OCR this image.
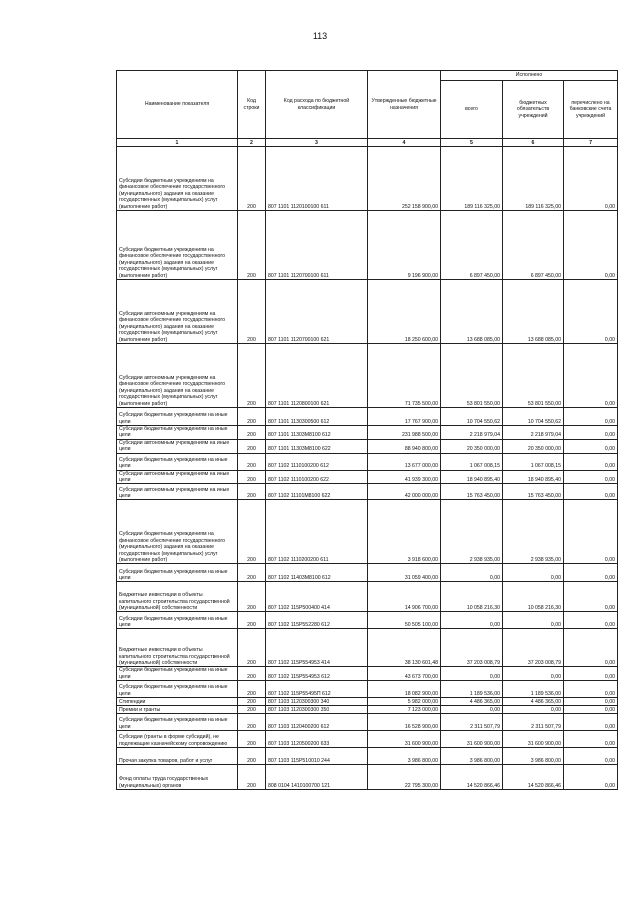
113
Наименование показателя	Код строки	Код расхода по бюджетной классификации	Утвержденные бюджетные назначения	Исполнено		
				всего	бюджетных обязательств учреждений	перечислено на банковские счета учреждений
1	2	3	4	5	6	7
Субсидии бюджетным учреждениям на финансовое обеспечение государственного (муниципального) задания на оказание государственных (муниципальных) услуг (выполнение работ)	200	807 1101 1120100100 611	252 158 900,00	189 116 325,00	189 116 325,00	0,00
Субсидии бюджетным учреждениям на финансовое обеспечение государственного (муниципального) задания на оказание государственных (муниципальных) услуг (выполнение работ)	200	807 1101 1120700100 611	9 196 900,00	6 897 450,00	6 897 450,00	0,00
Субсидии автономным учреждениям на финансовое обеспечение государственного (муниципального) задания на оказание государственных (муниципальных) услуг (выполнение работ)	200	807 1101 1120700100 621	18 250 600,00	13 688 085,00	13 688 085,00	0,00
Субсидии автономным учреждениям на финансовое обеспечение государственного (муниципального) задания на оказание государственных (муниципальных) услуг (выполнение работ)	200	807 1101 1120800100 621	71 735 500,00	53 801 550,00	53 801 550,00	0,00
Субсидии бюджетным учреждениям на иные цели	200	807 1101 1130300500 612	17 767 900,00	10 704 550,62	10 704 550,62	0,00
Субсидии бюджетным учреждениям на иные цели	200	807 1101 11303M8100 612	231 988 500,00	2 218 979,04	2 218 979,04	0,00
Субсидии автономным учреждениям на иные цели	200	807 1101 11303M8100 622	88 940 800,00	20 350 000,00	20 350 000,00	0,00
Субсидии бюджетным учреждениям на иные цели	200	807 1102 1110100200 612	13 677 000,00	1 067 008,15	1 067 008,15	0,00
Субсидии автономным учреждениям на иные цели	200	807 1102 1110100200 622	41 939 300,00	18 940 895,40	18 940 895,40	0,00
Субсидии автономным учреждениям на иные цели	200	807 1102 11101M8100 622	42 000 000,00	15 763 450,00	15 763 450,00	0,00
Субсидии бюджетным учреждениям на финансовое обеспечение государственного (муниципального) задания на оказание государственных (муниципальных) услуг (выполнение работ)	200	807 1102 1110200200 611	3 918 600,00	2 938 935,00	2 938 935,00	0,00
Субсидии бюджетным учреждениям на иные цели	200	807 1102 11403M8100 612	31 059 400,00	0,00	0,00	0,00
Бюджетные инвестиции в объекты капитального строительства государственной (муниципальной) собственности	200	807 1102 115P500400 414	14 906 700,00	10 058 216,30	10 058 216,30	0,00
Субсидии бюджетным учреждениям на иные цели	200	807 1102 115P552280 612	50 505 100,00	0,00	0,00	0,00
Бюджетные инвестиции в объекты капитального строительства государственной (муниципальной) собственности	200	807 1102 115P554953 414	38 130 601,48	37 203 008,79	37 203 008,79	0,00
Субсидии бюджетным учреждениям на иные цели	200	807 1102 115P554953 612	43 673 700,00	0,00	0,00	0,00
Субсидии бюджетным учреждениям на иные цели	200	807 1102 115P55495П 612	18 082 900,00	1 189 536,00	1 189 536,00	0,00
Стипендии	200	807 1103 1120300300 340	5 982 000,00	4 486 365,00	4 486 365,00	0,00
Премии и гранты	200	807 1103 1120300300 350	7 123 000,00	0,00	0,00	0,00
Субсидии бюджетным учреждениям на иные цели	200	807 1103 1120400200 612	16 528 900,00	2 311 507,79	2 311 507,79	0,00
Субсидии (гранты в форме субсидий), не подлежащие казначейскому сопровождению	200	807 1103 1120500200 633	31 600 900,00	31 600 900,00	31 600 900,00	0,00
Прочая закупка товаров, работ и услуг	200	807 1103 115P510010 244	3 986 800,00	3 986 800,00	3 986 800,00	0,00
Фонд оплаты труда государственных (муниципальных) органов	200	808 0104 1410100700 121	22 795 300,00	14 520 866,46	14 520 866,46	0,00
